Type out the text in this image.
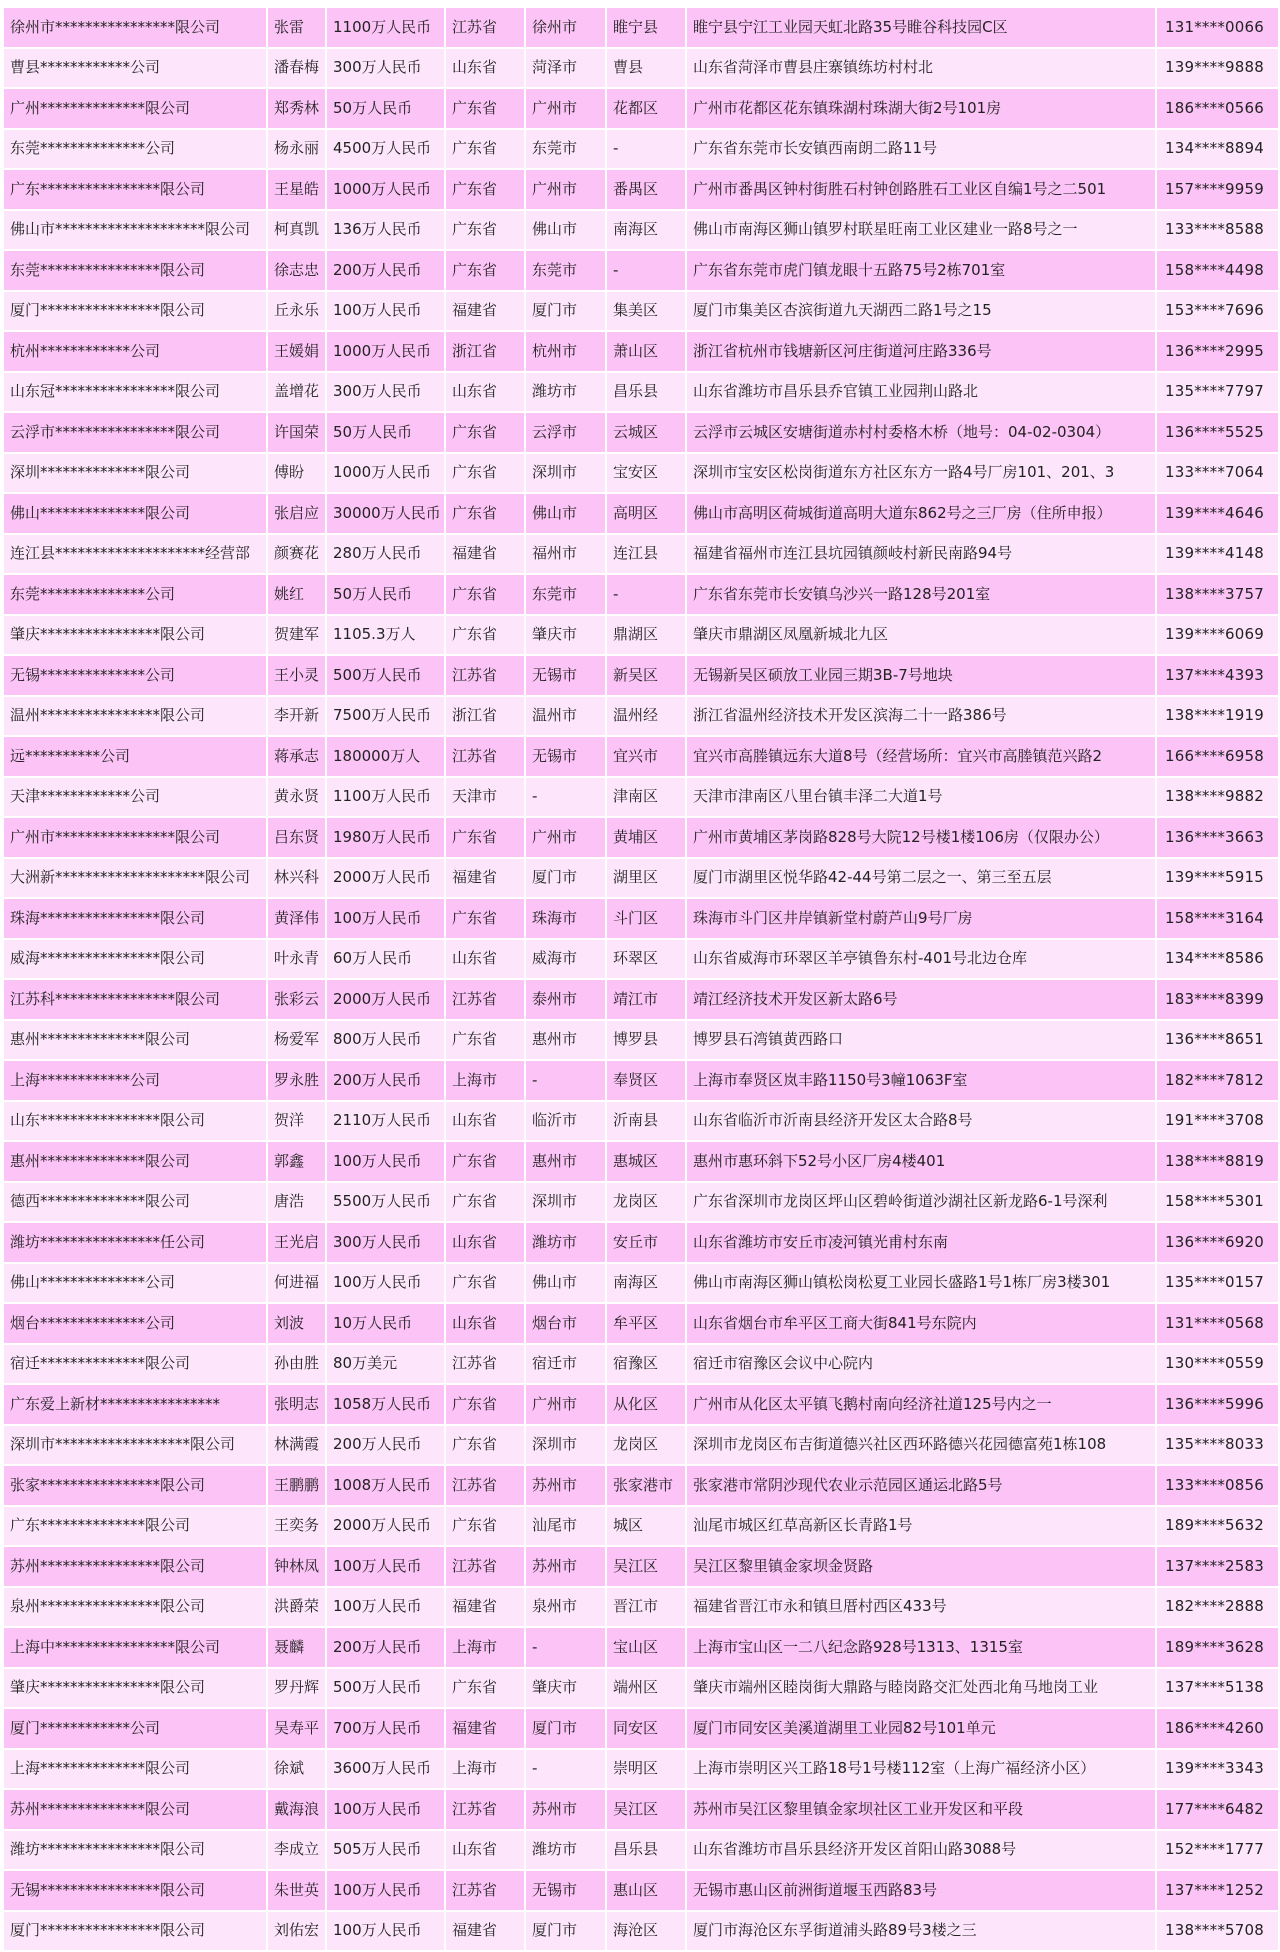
徐州市****************限公司	张雷	1100万人民币	江苏省	徐州市	睢宁县	睢宁县宁江工业园天虹北路35号睢谷科技园C区	131****0066
曹县************公司	潘春梅	300万人民币	山东省	菏泽市	曹县	山东省菏泽市曹县庄寨镇练坊村村北	139****9888
广州**************限公司	郑秀林	50万人民币	广东省	广州市	花都区	广州市花都区花东镇珠湖村珠湖大街2号101房	186****0566
东莞**************公司	杨永丽	4500万人民币	广东省	东莞市	-	广东省东莞市长安镇西南朗二路11号	134****8894
广东****************限公司	王星皓	1000万人民币	广东省	广州市	番禺区	广州市番禺区钟村街胜石村钟创路胜石工业区自编1号之二501	157****9959
佛山市********************限公司	柯真凯	136万人民币	广东省	佛山市	南海区	佛山市南海区狮山镇罗村联星旺南工业区建业一路8号之一	133****8588
东莞****************限公司	徐志忠	200万人民币	广东省	东莞市	-	广东省东莞市虎门镇龙眼十五路75号2栋701室	158****4498
厦门****************限公司	丘永乐	100万人民币	福建省	厦门市	集美区	厦门市集美区杏滨街道九天湖西二路1号之15	153****7696
杭州************公司	王媛娟	1000万人民币	浙江省	杭州市	萧山区	浙江省杭州市钱塘新区河庄街道河庄路336号	136****2995
山东冠****************限公司	盖增花	300万人民币	山东省	潍坊市	昌乐县	山东省潍坊市昌乐县乔官镇工业园荆山路北	135****7797
云浮市****************限公司	许国荣	50万人民币	广东省	云浮市	云城区	云浮市云城区安塘街道赤村村委格木桥（地号：04-02-0304）	136****5525
深圳**************限公司	傅盼	1000万人民币	广东省	深圳市	宝安区	深圳市宝安区松岗街道东方社区东方一路4号厂房101、201、3	133****7064
佛山**************限公司	张启应	30000万人民币	广东省	佛山市	高明区	佛山市高明区荷城街道高明大道东862号之三厂房（住所申报）	139****4646
连江县********************经营部	颜赛花	280万人民币	福建省	福州市	连江县	福建省福州市连江县坑园镇颜岐村新民南路94号	139****4148
东莞**************公司	姚红	50万人民币	广东省	东莞市	-	广东省东莞市长安镇乌沙兴一路128号201室	138****3757
肇庆****************限公司	贺建军	1105.3万人	广东省	肇庆市	鼎湖区	肇庆市鼎湖区凤凰新城北九区	139****6069
无锡**************公司	王小灵	500万人民币	江苏省	无锡市	新吴区	无锡新吴区硕放工业园三期3B-7号地块	137****4393
温州****************限公司	李开新	7500万人民币	浙江省	温州市	温州经	浙江省温州经济技术开发区滨海二十一路386号	138****1919
远**********公司	蒋承志	180000万人	江苏省	无锡市	宜兴市	宜兴市高塍镇远东大道8号（经营场所：宜兴市高塍镇范兴路2	166****6958
天津************公司	黄永贤	1100万人民币	天津市	-	津南区	天津市津南区八里台镇丰泽二大道1号	138****9882
广州市****************限公司	吕东贤	1980万人民币	广东省	广州市	黄埔区	广州市黄埔区茅岗路828号大院12号楼1楼106房（仅限办公）	136****3663
大洲新********************限公司	林兴科	2000万人民币	福建省	厦门市	湖里区	厦门市湖里区悦华路42-44号第二层之一、第三至五层	139****5915
珠海****************限公司	黄泽伟	100万人民币	广东省	珠海市	斗门区	珠海市斗门区井岸镇新堂村蔚芦山9号厂房	158****3164
威海****************限公司	叶永青	60万人民币	山东省	威海市	环翠区	山东省威海市环翠区羊亭镇鲁东村-401号北边仓库	134****8586
江苏科****************限公司	张彩云	2000万人民币	江苏省	泰州市	靖江市	靖江经济技术开发区新太路6号	183****8399
惠州**************限公司	杨爱军	800万人民币	广东省	惠州市	博罗县	博罗县石湾镇黄西路口	136****8651
上海************公司	罗永胜	200万人民币	上海市	-	奉贤区	上海市奉贤区岚丰路1150号3幢1063F室	182****7812
山东****************限公司	贺洋	2110万人民币	山东省	临沂市	沂南县	山东省临沂市沂南县经济开发区太合路8号	191****3708
惠州**************限公司	郭鑫	100万人民币	广东省	惠州市	惠城区	惠州市惠环斜下52号小区厂房4楼401	138****8819
德西**************限公司	唐浩	5500万人民币	广东省	深圳市	龙岗区	广东省深圳市龙岗区坪山区碧岭街道沙湖社区新龙路6-1号深利	158****5301
潍坊****************任公司	王光启	300万人民币	山东省	潍坊市	安丘市	山东省潍坊市安丘市凌河镇光甫村东南	136****6920
佛山**************公司	何进福	100万人民币	广东省	佛山市	南海区	佛山市南海区狮山镇松岗松夏工业园长盛路1号1栋厂房3楼301	135****0157
烟台**************公司	刘波	10万人民币	山东省	烟台市	牟平区	山东省烟台市牟平区工商大街841号东院内	131****0568
宿迁**************限公司	孙由胜	80万美元	江苏省	宿迁市	宿豫区	宿迁市宿豫区会议中心院内	130****0559
广东爱上新材****************	张明志	1058万人民币	广东省	广州市	从化区	广州市从化区太平镇飞鹅村南向经济社道125号内之一	136****5996
深圳市******************限公司	林满霞	200万人民币	广东省	深圳市	龙岗区	深圳市龙岗区布吉街道德兴社区西环路德兴花园德富苑1栋108	135****8033
张家****************限公司	王鹏鹏	1008万人民币	江苏省	苏州市	张家港市	张家港市常阴沙现代农业示范园区通运北路5号	133****0856
广东**************限公司	王奕务	2000万人民币	广东省	汕尾市	城区	汕尾市城区红草高新区长青路1号	189****5632
苏州****************限公司	钟林凤	100万人民币	江苏省	苏州市	吴江区	吴江区黎里镇金家坝金贤路	137****2583
泉州****************限公司	洪爵荣	100万人民币	福建省	泉州市	晋江市	福建省晋江市永和镇旦厝村西区433号	182****2888
上海中****************限公司	聂麟	200万人民币	上海市	-	宝山区	上海市宝山区一二八纪念路928号1313、1315室	189****3628
肇庆****************限公司	罗丹辉	500万人民币	广东省	肇庆市	端州区	肇庆市端州区睦岗街大鼎路与睦岗路交汇处西北角马地岗工业	137****5138
厦门************公司	吴寿平	700万人民币	福建省	厦门市	同安区	厦门市同安区美溪道湖里工业园82号101单元	186****4260
上海**************限公司	徐斌	3600万人民币	上海市	-	崇明区	上海市崇明区兴工路18号1号楼112室（上海广福经济小区）	139****3343
苏州**************限公司	戴海浪	100万人民币	江苏省	苏州市	吴江区	苏州市吴江区黎里镇金家坝社区工业开发区和平段	177****6482
潍坊****************限公司	李成立	505万人民币	山东省	潍坊市	昌乐县	山东省潍坊市昌乐县经济开发区首阳山路3088号	152****1777
无锡****************限公司	朱世英	100万人民币	江苏省	无锡市	惠山区	无锡市惠山区前洲街道堰玉西路83号	137****1252
厦门****************限公司	刘佑宏	100万人民币	福建省	厦门市	海沧区	厦门市海沧区东孚街道浦头路89号3楼之三	138****5708
